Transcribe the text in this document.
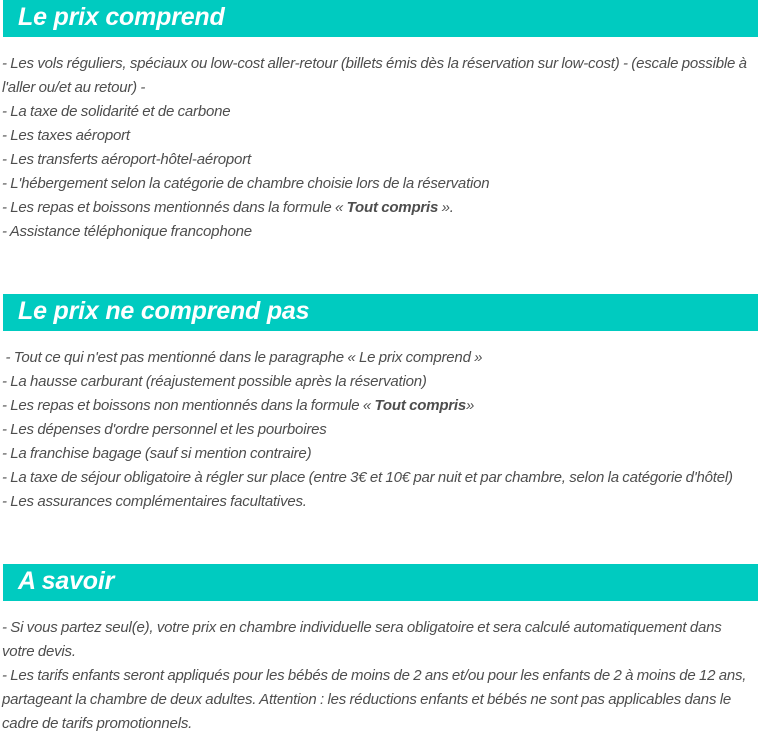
Le prix comprend

- Les vols réguliers, spéciaux ou low-cost aller-retour (billets émis dès la réservation sur low-cost) - (escale possible à l'aller ou/et au retour) -

- La taxe de solidarité et de carbone

- Les taxes aéroport

- Les transferts aéroport-hôtel-aéroport

- L'hébergement selon la catégorie de chambre choisie lors de la réservation

- Les repas et boissons mentionnés dans la formule « Tout compris ».

- Assistance téléphonique francophone

Le prix ne comprend pas

- Tout ce qui n'est pas mentionné dans le paragraphe « Le prix comprend »

- La hausse carburant (réajustement possible après la réservation)

- Les repas et boissons non mentionnés dans la formule « Tout compris»

- Les dépenses d'ordre personnel et les pourboires

- La franchise bagage (sauf si mention contraire)

- La taxe de séjour obligatoire à régler sur place (entre 3€ et 10€ par nuit et par chambre, selon la catégorie d'hôtel)

- Les assurances complémentaires facultatives.

A savoir

- Si vous partez seul(e), votre prix en chambre individuelle sera obligatoire et sera calculé automatiquement dans votre devis.

- Les tarifs enfants seront appliqués pour les bébés de moins de 2 ans et/ou pour les enfants de 2 à moins de 12 ans, partageant la chambre de deux adultes. Attention : les réductions enfants et bébés ne sont pas applicables dans le cadre de tarifs promotionnels.
